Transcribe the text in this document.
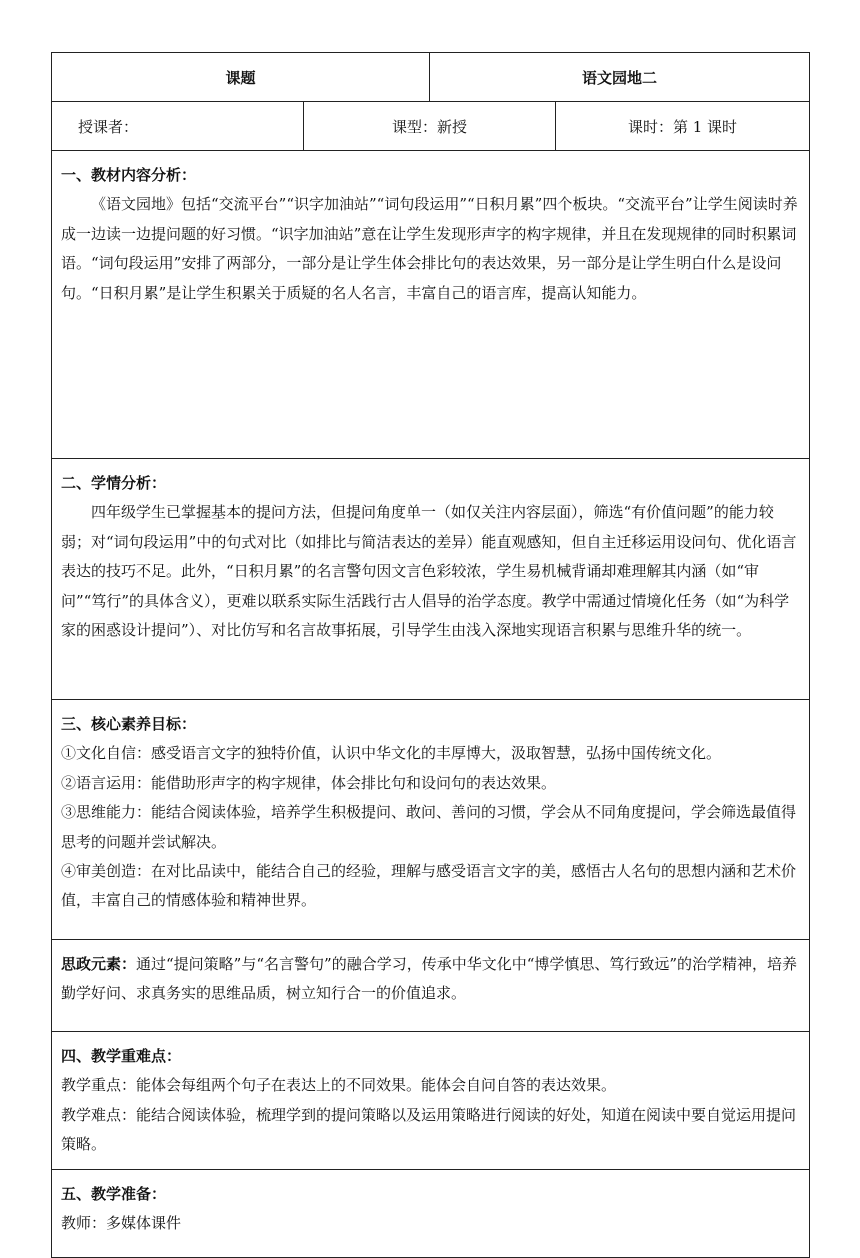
课题		语文园地二	
授课者：	课型：新授		课时：第 1 课时

一、教材内容分析：

《语文园地》包括“交流平台”“识字加油站”“词句段运用”“日积月累”四个板块。“交流平台”让学生阅读时养成一边读一边提问题的好习惯。“识字加油站”意在让学生发现形声字的构字规律，并且在发现规律的同时积累词语。“词句段运用”安排了两部分，一部分是让学生体会排比句的表达效果，另一部分是让学生明白什么是设问句。“日积月累”是让学生积累关于质疑的名人名言，丰富自己的语言库，提高认知能力。			

二、学情分析：

四年级学生已掌握基本的提问方法，但提问角度单一（如仅关注内容层面），筛选“有价值问题”的能力较弱；对“词句段运用”中的句式对比（如排比与简洁表达的差异）能直观感知，但自主迁移运用设问句、优化语言表达的技巧不足。此外，“日积月累”的名言警句因文言色彩较浓，学生易机械背诵却难理解其内涵（如“审问”“笃行”的具体含义），更难以联系实际生活践行古人倡导的治学态度。教学中需通过情境化任务（如“为科学家的困惑设计提问”）、对比仿写和名言故事拓展，引导学生由浅入深地实现语言积累与思维升华的统一。			

三、核心素养目标：

①文化自信：感受语言文字的独特价值，认识中华文化的丰厚博大，汲取智慧，弘扬中国传统文化。

②语言运用：能借助形声字的构字规律，体会排比句和设问句的表达效果。

③思维能力：能结合阅读体验，培养学生积极提问、敢问、善问的习惯，学会从不同角度提问，学会筛选最值得思考的问题并尝试解决。

④审美创造：在对比品读中，能结合自己的经验，理解与感受语言文字的美，感悟古人名句的思想内涵和艺术价值，丰富自己的情感体验和精神世界。			

思政元素：通过“提问策略”与“名言警句”的融合学习，传承中华文化中“博学慎思、笃行致远”的治学精神，培养勤学好问、求真务实的思维品质，树立知行合一的价值追求。			

四、教学重难点：

教学重点：能体会每组两个句子在表达上的不同效果。能体会自问自答的表达效果。

教学难点：能结合阅读体验，梳理学到的提问策略以及运用策略进行阅读的好处，知道在阅读中要自觉运用提问策略。			

五、教学准备：

教师：多媒体课件			
